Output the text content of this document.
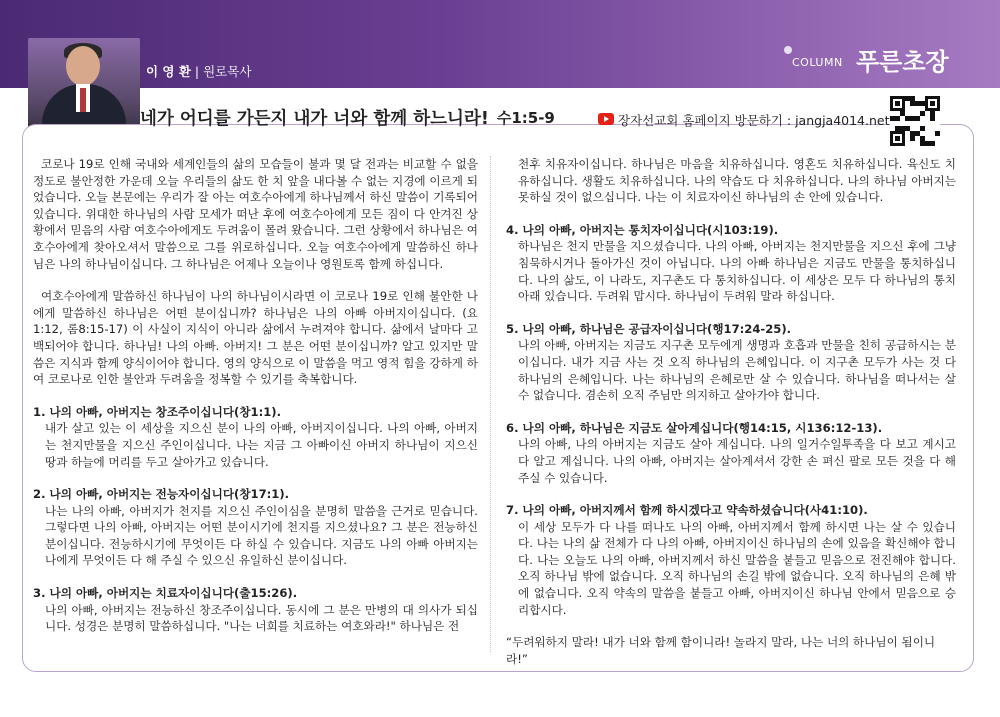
이 영 환 | 원로목사
COLUMN 푸른초장
네가 어디를 가든지 내가 너와 함께 하느니라! 수1:5-9	장자선교회 홈페이지 방문하기 : jangja4014.net

코로나 19로 인해 국내와 세계인들의 삶의 모습들이 불과 몇 달 전과는 비교할 수 없을 정도로 불안정한 가운데 오늘 우리들의 삶도 한 치 앞을 내다볼 수 없는 지경에 이르게 되었습니다. 오늘 본문에는 우리가 잘 아는 여호수아에게 하나님께서 하신 말씀이 기록되어 있습니다. 위대한 하나님의 사람 모세가 떠난 후에 여호수아에게 모든 짐이 다 안겨진 상황에서 믿음의 사람 여호수아에게도 두려움이 몰려 왔습니다. 그런 상황에서 하나님은 여호수아에게 찾아오셔서 말씀으로 그를 위로하십니다. 오늘 여호수아에게 말씀하신 하나님은 나의 하나님이십니다. 그 하나님은 어제나 오늘이나 영원토록 함께 하십니다.

여호수아에게 말씀하신 하나님이 나의 하나님이시라면 이 코로나 19로 인해 불안한 나에게 말씀하신 하나님은 어떤 분이십니까? 하나님은 나의 아빠 아버지이십니다. (요1:12, 롬8:15-17) 이 사실이 지식이 아니라 삶에서 누려져야 합니다. 삶에서 날마다 고백되어야 합니다. 하나님! 나의 아빠. 아버지! 그 분은 어떤 분이십니까? 알고 있지만 말씀은 지식과 함께 양식이어야 합니다. 영의 양식으로 이 말씀을 먹고 영적 힘을 강하게 하여 코로나로 인한 불안과 두려움을 정복할 수 있기를 축복합니다.

1. 나의 아빠, 아버지는 창조주이십니다(창1:1).
내가 살고 있는 이 세상을 지으신 분이 나의 아빠, 아버지이십니다. 나의 아빠, 아버지는 천지만물을 지으신 주인이십니다. 나는 지금 그 아빠이신 아버지 하나님이 지으신 땅과 하늘에 머리를 두고 살아가고 있습니다.
2. 나의 아빠, 아버지는 전능자이십니다(창17:1).
나는 나의 아빠, 아버지가 천지를 지으신 주인이심을 분명히 말씀을 근거로 믿습니다. 그렇다면 나의 아빠, 아버지는 어떤 분이시기에 천지를 지으셨나요? 그 분은 전능하신 분이십니다. 전능하시기에 무엇이든 다 하실 수 있습니다. 지금도 나의 아빠 아버지는 나에게 무엇이든 다 해 주실 수 있으신 유일하신 분이십니다.
3. 나의 아빠, 아버지는 치료자이십니다(출15:26).
나의 아빠, 아버지는 전능하신 창조주이십니다. 동시에 그 분은 만병의 대 의사가 되십니다. 성경은 분명히 말씀하십니다. "나는 너희를 치료하는 여호와라!" 하나님은 전
천후 치유자이십니다. 하나님은 마음을 치유하십니다. 영혼도 치유하십니다. 육신도 치유하십니다. 생활도 치유하십니다. 나의 약습도 다 치유하십니다. 나의 하나님 아버지는 못하실 것이 없으십니다. 나는 이 치료자이신 하나님의 손 안에 있습니다.
4. 나의 아빠, 아버지는 통치자이십니다(시103:19).
하나님은 천지 만물을 지으셨습니다. 나의 아빠, 아버지는 천지만물을 지으신 후에 그냥 침묵하시거나 돌아가신 것이 아닙니다. 나의 아빠 하나님은 지금도 만물을 통치하십니다. 나의 삶도, 이 나라도, 지구촌도 다 통치하십니다. 이 세상은 모두 다 하나님의 통치 아래 있습니다. 두려워 맙시다. 하나님이 두려워 말라 하십니다.
5. 나의 아빠, 하나님은 공급자이십니다(행17:24-25).
나의 아빠, 아버지는 지금도 지구촌 모두에게 생명과 호흡과 만물을 친히 공급하시는 분이십니다. 내가 지금 사는 것 오직 하나님의 은혜입니다. 이 지구촌 모두가 사는 것 다 하나님의 은혜입니다. 나는 하나님의 은혜로만 살 수 있습니다. 하나님을 떠나서는 살 수 없습니다. 겸손히 오직 주님만 의지하고 살아가야 합니다.
6. 나의 아빠, 하나님은 지금도 살아계십니다(행14:15, 시136:12-13).
나의 아빠, 나의 아버지는 지금도 살아 계십니다. 나의 일거수일투족을 다 보고 계시고 다 알고 계십니다. 나의 아빠, 아버지는 살아계셔서 강한 손 펴신 팔로 모든 것을 다 해 주실 수 있습니다.
7. 나의 아빠, 아버지께서 함께 하시겠다고 약속하셨습니다(사41:10).
이 세상 모두가 다 나를 떠나도 나의 아빠, 아버지께서 함께 하시면 나는 살 수 있습니다. 나는 나의 삶 전체가 다 나의 아빠, 아버지이신 하나님의 손에 있음을 확신해야 합니다. 나는 오늘도 나의 아빠, 아버지께서 하신 말씀을 붙들고 믿음으로 전진해야 합니다. 오직 하나님 밖에 없습니다. 오직 하나님의 손길 밖에 없습니다. 오직 하나님의 은혜 밖에 없습니다. 오직 약속의 말씀을 붙들고 아빠, 아버지이신 하나님 안에서 믿음으로 승리합시다.

“두려워하지 말라! 내가 너와 함께 함이니라! 놀라지 말라, 나는 너의 하나님이 됨이니라!”
